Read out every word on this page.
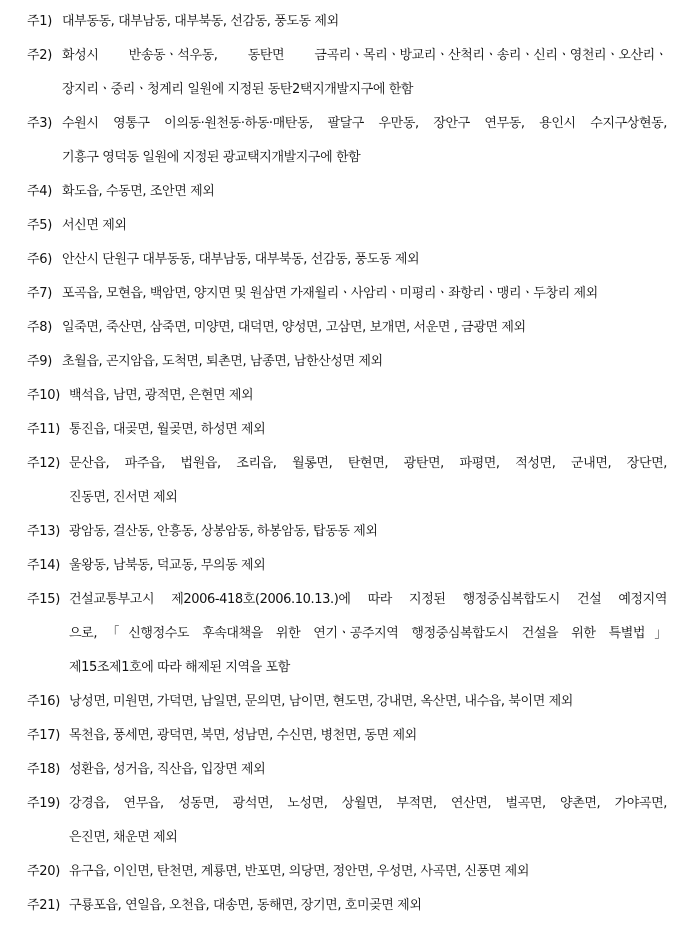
주1) 대부동동, 대부남동, 대부북동, 선감동, 풍도동 제외
주2) 화성시 반송동ㆍ석우동, 동탄면 금곡리ㆍ목리ㆍ방교리ㆍ산척리ㆍ송리ㆍ신리ㆍ영천리ㆍ오산리ㆍ
장지리ㆍ중리ㆍ청계리 일원에 지정된 동탄2택지개발지구에 한함
주3) 수원시 영통구 이의동·원천동·하동·매탄동, 팔달구 우만동, 장안구 연무동, 용인시 수지구상현동,
기흥구 영덕동 일원에 지정된 광교택지개발지구에 한함
주4) 화도읍, 수동면, 조안면 제외
주5) 서신면 제외
주6) 안산시 단원구 대부동동, 대부남동, 대부북동, 선감동, 풍도동 제외
주7) 포곡읍, 모현읍, 백암면, 양지면 및 원삼면 가재월리ㆍ사암리ㆍ미평리ㆍ좌항리ㆍ맹리ㆍ두창리 제외
주8) 일죽면, 죽산면, 삼죽면, 미양면, 대덕면, 양성면, 고삼면, 보개면, 서운면 , 금광면 제외
주9) 초월읍, 곤지암읍, 도척면, 퇴촌면, 남종면, 남한산성면 제외
주10) 백석읍, 남면, 광적면, 은현면 제외
주11) 통진읍, 대곶면, 월곶면, 하성면 제외
주12) 문산읍, 파주읍, 법원읍, 조리읍, 월롱면, 탄현면, 광탄면, 파평면, 적성면, 군내면, 장단면,
진동면, 진서면 제외
주13) 광암동, 걸산동, 안흥동, 상봉암동, 하봉암동, 탑동동 제외
주14) 울왕동, 남북동, 덕교동, 무의동 제외
주15) 건설교통부고시 제2006-418호(2006.10.13.)에 따라 지정된 행정중심복합도시 건설 예정지역
으로,「신행정수도 후속대책을 위한 연기ㆍ공주지역 행정중심복합도시 건설을 위한 특별법」
제15조제1호에 따라 해제된 지역을 포함
주16) 낭성면, 미원면, 가덕면, 남일면, 문의면, 남이면, 현도면, 강내면, 옥산면, 내수읍, 북이면 제외
주17) 목천읍, 풍세면, 광덕면, 북면, 성남면, 수신면, 병천면, 동면 제외
주18) 성환읍, 성거읍, 직산읍, 입장면 제외
주19) 강경읍, 연무읍, 성동면, 광석면, 노성면, 상월면, 부적면, 연산면, 벌곡면, 양촌면, 가야곡면,
은진면, 채운면 제외
주20) 유구읍, 이인면, 탄천면, 계룡면, 반포면, 의당면, 정안면, 우성면, 사곡면, 신풍면 제외
주21) 구룡포읍, 연일읍, 오천읍, 대송면, 동해면, 장기면, 호미곶면 제외
